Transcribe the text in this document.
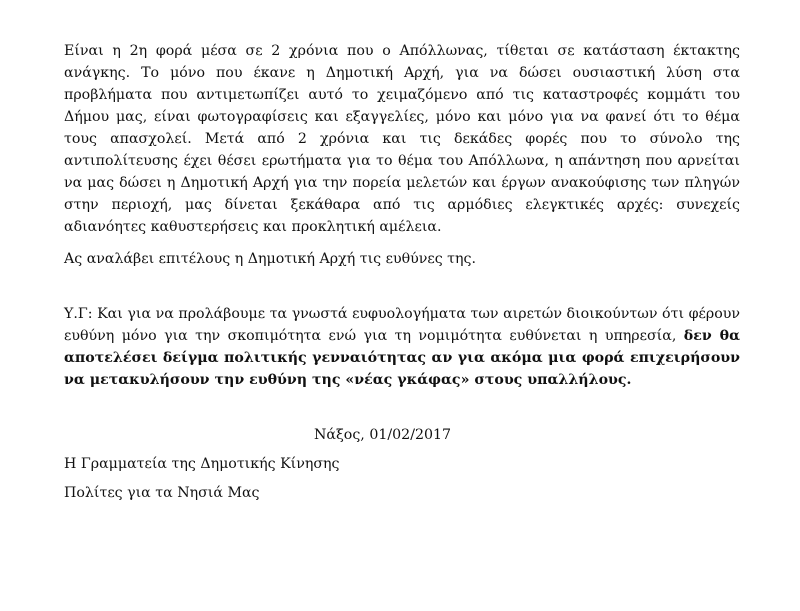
Είναι η 2η φορά μέσα σε 2 χρόνια που ο Απόλλωνας, τίθεται σε κατάσταση έκτακτης ανάγκης. Το μόνο που έκανε η Δημοτική Αρχή, για να δώσει ουσιαστική λύση στα προβλήματα που αντιμετωπίζει αυτό το χειμαζόμενο από τις καταστροφές κομμάτι του Δήμου μας, είναι φωτογραφίσεις και εξαγγελίες, μόνο και μόνο για να φανεί ότι το θέμα τους απασχολεί. Μετά από 2 χρόνια και τις δεκάδες φορές που το σύνολο της αντιπολίτευσης έχει θέσει ερωτήματα για το θέμα του Απόλλωνα, η απάντηση που αρνείται να μας δώσει η Δημοτική Αρχή για την πορεία μελετών και έργων ανακούφισης των πληγών στην περιοχή, μας δίνεται ξεκάθαρα από τις αρμόδιες ελεγκτικές αρχές: συνεχείς αδιανόητες καθυστερήσεις και προκλητική αμέλεια.

Ας αναλάβει επιτέλους η Δημοτική Αρχή τις ευθύνες της.

Υ.Γ: Και για να προλάβουμε τα γνωστά ευφυολογήματα των αιρετών διοικούντων ότι φέρουν ευθύνη μόνο για την σκοπιμότητα ενώ για τη νομιμότητα ευθύνεται η υπηρεσία, δεν θα αποτελέσει δείγμα πολιτικής γενναιότητας αν για ακόμα μια φορά επιχειρήσουν να μετακυλήσουν την ευθύνη της «νέας γκάφας» στους υπαλλήλους.

Νάξος, 01/02/2017

Η Γραμματεία της Δημοτικής Κίνησης

Πολίτες για τα Νησιά Μας
